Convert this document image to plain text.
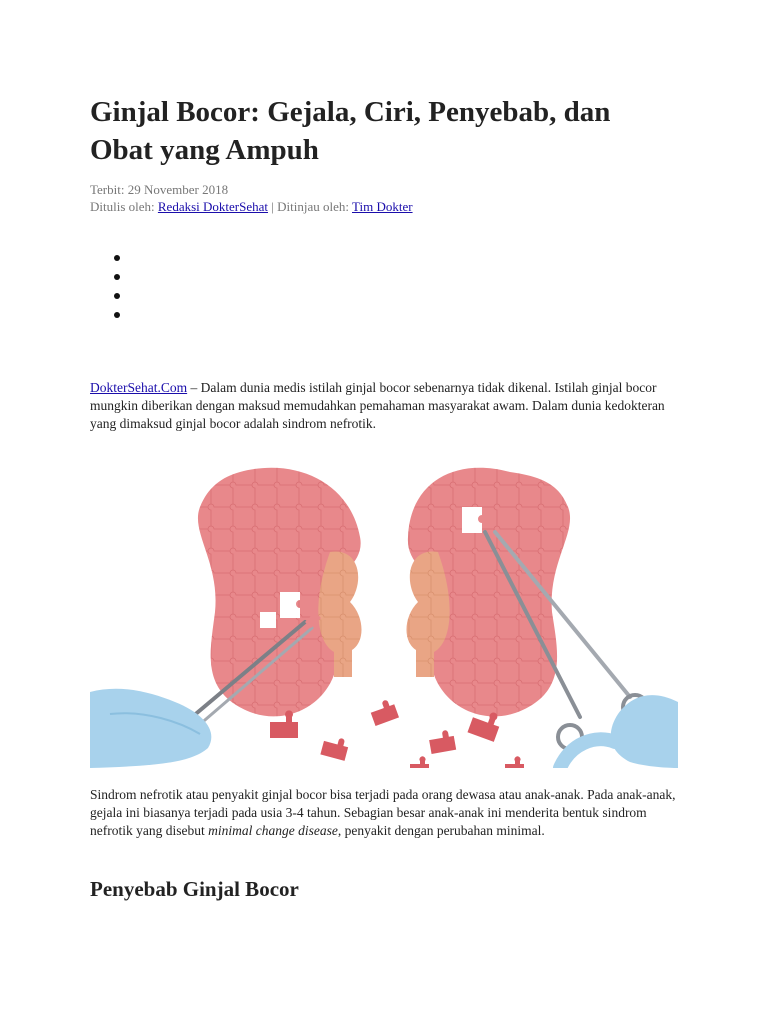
Ginjal Bocor: Gejala, Ciri, Penyebab, dan Obat yang Ampuh
Terbit: 29 November 2018
Ditulis oleh: Redaksi DokterSehat | Ditinjau oleh: Tim Dokter
DokterSehat.Com – Dalam dunia medis istilah ginjal bocor sebenarnya tidak dikenal. Istilah ginjal bocor mungkin diberikan dengan maksud memudahkan pemahaman masyarakat awam. Dalam dunia kedokteran yang dimaksud ginjal bocor adalah sindrom nefrotik.
Sindrom nefrotik atau penyakit ginjal bocor bisa terjadi pada orang dewasa atau anak-anak. Pada anak-anak, gejala ini biasanya terjadi pada usia 3-4 tahun. Sebagian besar anak-anak ini menderita bentuk sindrom nefrotik yang disebut minimal change disease, penyakit dengan perubahan minimal.
Penyebab Ginjal Bocor
